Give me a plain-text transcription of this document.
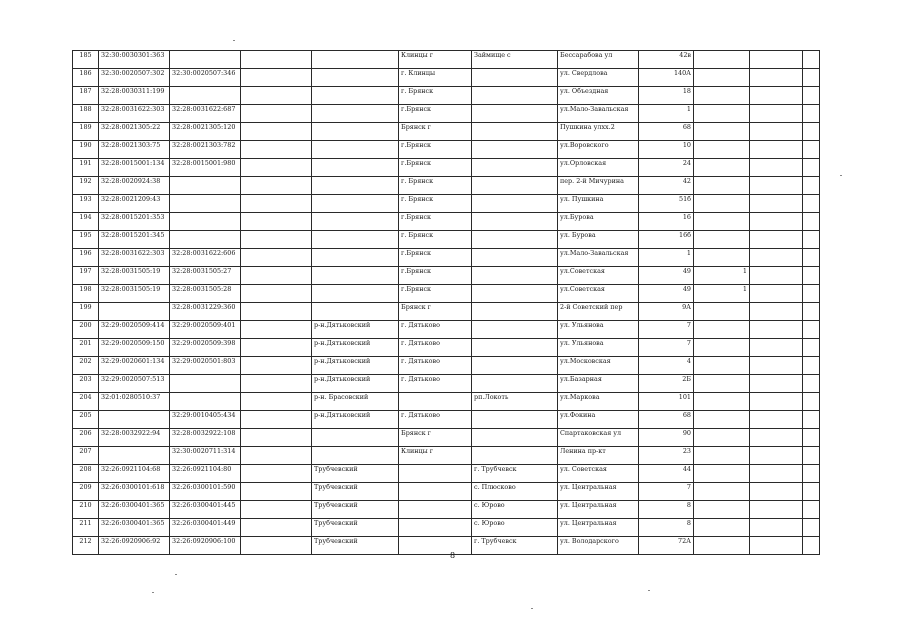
185	32:30:0030301:363				Клинцы г	Займище с	Бессарабова ул	42в			
186	32:30:0020507:302	32:30:0020507:346			г. Клинцы		ул. Свердлова	140А			
187	32:28:0030311:199				г. Брянск		ул. Объездная	18			
188	32:28:0031622:303	32:28:0031622:687			г.Брянск		ул.Мало-Завальская	1			
189	32:28:0021305:22	32:28:0021305:120			Брянск г		Пушкина улхх.2	68			
190	32:28:0021303:75	32:28:0021303:782			г.Брянск		ул.Воровского	10			
191	32:28:0015001:134	32:28:0015001:980			г.Брянск		ул.Орловская	24			
192	32:28:0020924:38				г. Брянск		пер. 2-й Мичурина	42			
193	32:28:0021209:43				г. Брянск		ул. Пушкина	51б			
194	32:28:0015201:353				г.Брянск		ул.Бурова	16			
195	32:28:0015201:345				г. Брянск		ул. Бурова	16б			
196	32:28:0031622:303	32:28:0031622:606			г.Брянск		ул.Мало-Завальская	1			
197	32:28:0031505:19	32:28:0031505:27			г.Брянск		ул.Советская	49	1		
198	32:28:0031505:19	32:28:0031505:28			г.Брянск		ул.Советская	49	1		
199		32:28:0031229:360			Брянск г		2-й Советский пер	9А			
200	32:29:0020509:414	32:29:0020509:401		р-н.Дятьковский	г. Дятьково		ул. Ульянова	7			
201	32:29:0020509:150	32:29:0020509:398		р-н.Дятьковский	г. Дятьково		ул. Ульянова	7			
202	32:29:0020601:134	32:29:0020501:803		р-н.Дятьковский	г. Дятьково		ул.Московская	4			
203	32:29:0020507:513			р-н.Дятьковский	г. Дятьково		ул.Базарная	2Б			
204	32:01:0280510:37			р-н. Брасовский		рп.Локоть	ул.Маркова	101			
205		32:29:0010405:434		р-н.Дятьковский	г. Дятьково		ул.Фокина	68			
206	32:28:0032922:94	32:28:0032922:108			Брянск г		Спартаковская ул	90			
207		32:30:0020711:314			Клинцы г		Ленина пр-кт	23			
208	32:26:0921104:68	32:26:0921104:80		Трубчевский		г. Трубчевск	ул. Советская	44			
209	32:26:0300101:618	32:26:0300101:590		Трубчевский		с. Плюсково	ул. Центральная	7			
210	32:26:0300401:365	32:26:0300401:445		Трубчевский		с. Юрово	ул. Центральная	8			
211	32:26:0300401:365	32:26:0300401:449		Трубчевский		с. Юрово	ул. Центральная	8			
212	32:26:0920906:92	32:26:0920906:100		Трубчевский		г. Трубчевск	ул. Володарского	72А			
8
